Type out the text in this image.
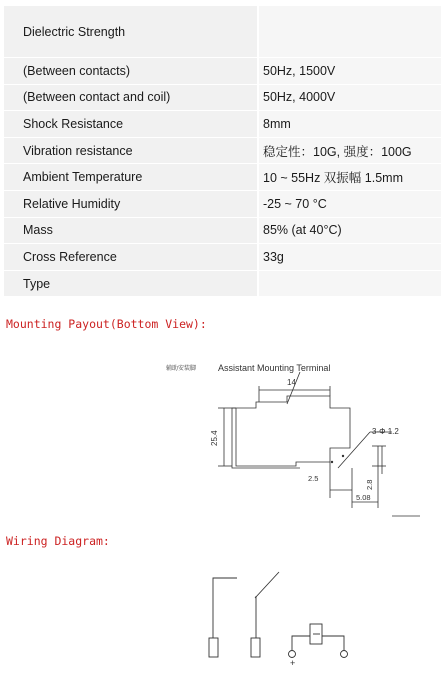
Dielectric Strength
(Between contacts)	50Hz, 1500V
(Between contact and coil)	50Hz, 4000V
Shock Resistance	8mm
Vibration resistance	稳定性：10G, 强度：100G
Ambient Temperature	10 ~ 55Hz 双振幅 1.5mm
Relative Humidity	-25 ~ 70 °C
Mass	85% (at 40°C)
Cross Reference	33g
Type
Mounting Payout(Bottom View):
辅助安装脚 Assistant Mounting Terminal
14
25.4	3-Φ 1.2
2.8
2.5
5.08
Wiring Diagram:
+
